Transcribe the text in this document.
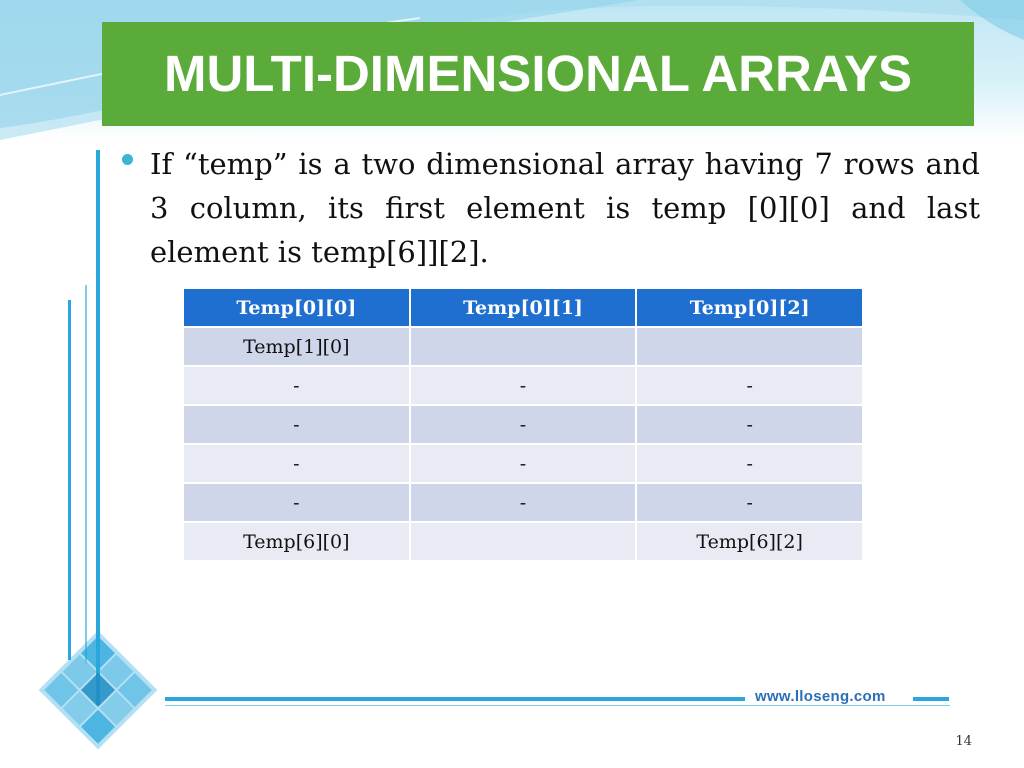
MULTI-DIMENSIONAL ARRAYS
If “temp” is a two dimensional array having 7 rows and 3 column, its first element is temp [0][0] and last element is temp[6]][2].
Temp[0][0]	Temp[0][1]	Temp[0][2]
Temp[1][0]		
-	-	-
-	-	-
-	-	-
-	-	-
Temp[6][0]		Temp[6][2]
www.lloseng.com
14
